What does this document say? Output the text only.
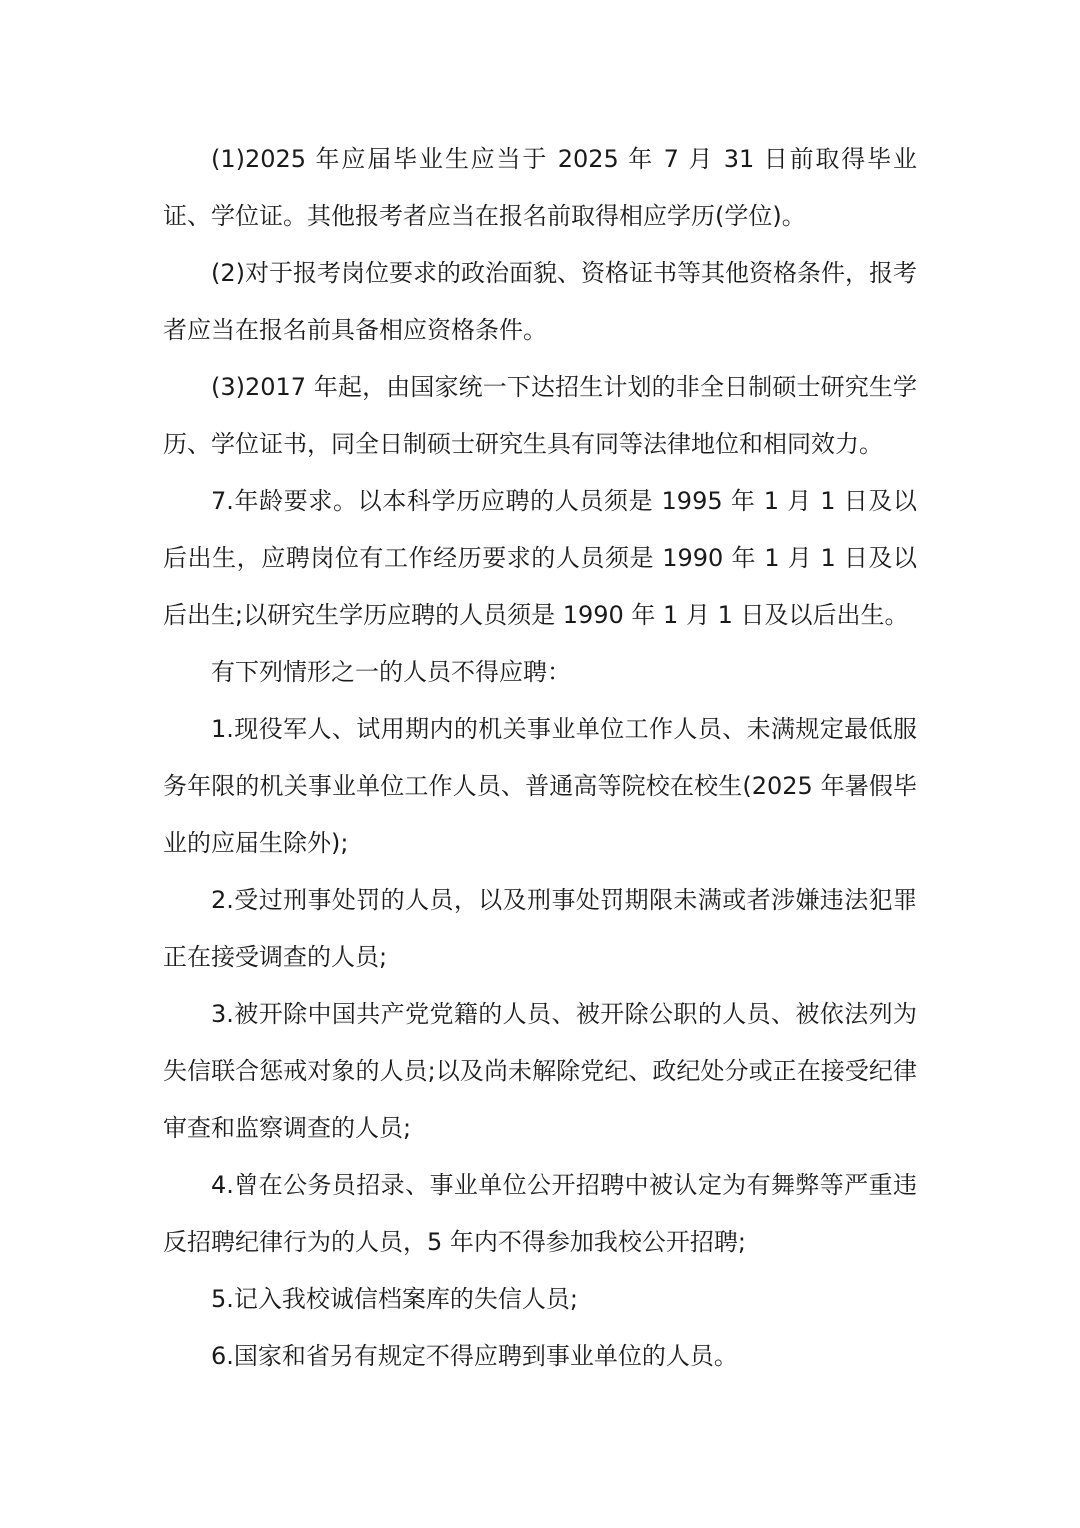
(1)2025 年应届毕业生应当于 2025 年 7 月 31 日前取得毕业证、学位证。其他报考者应当在报名前取得相应学历(学位)。

(2)对于报考岗位要求的政治面貌、资格证书等其他资格条件，报考者应当在报名前具备相应资格条件。

(3)2017 年起，由国家统一下达招生计划的非全日制硕士研究生学历、学位证书，同全日制硕士研究生具有同等法律地位和相同效力。

7.年龄要求。以本科学历应聘的人员须是 1995 年 1 月 1 日及以后出生，应聘岗位有工作经历要求的人员须是 1990 年 1 月 1 日及以后出生;以研究生学历应聘的人员须是 1990 年 1 月 1 日及以后出生。

有下列情形之一的人员不得应聘：

1.现役军人、试用期内的机关事业单位工作人员、未满规定最低服务年限的机关事业单位工作人员、普通高等院校在校生(2025 年暑假毕业的应届生除外);

2.受过刑事处罚的人员，以及刑事处罚期限未满或者涉嫌违法犯罪正在接受调查的人员;

3.被开除中国共产党党籍的人员、被开除公职的人员、被依法列为失信联合惩戒对象的人员;以及尚未解除党纪、政纪处分或正在接受纪律审查和监察调查的人员;

4.曾在公务员招录、事业单位公开招聘中被认定为有舞弊等严重违反招聘纪律行为的人员，5 年内不得参加我校公开招聘;

5.记入我校诚信档案库的失信人员;

6.国家和省另有规定不得应聘到事业单位的人员。
